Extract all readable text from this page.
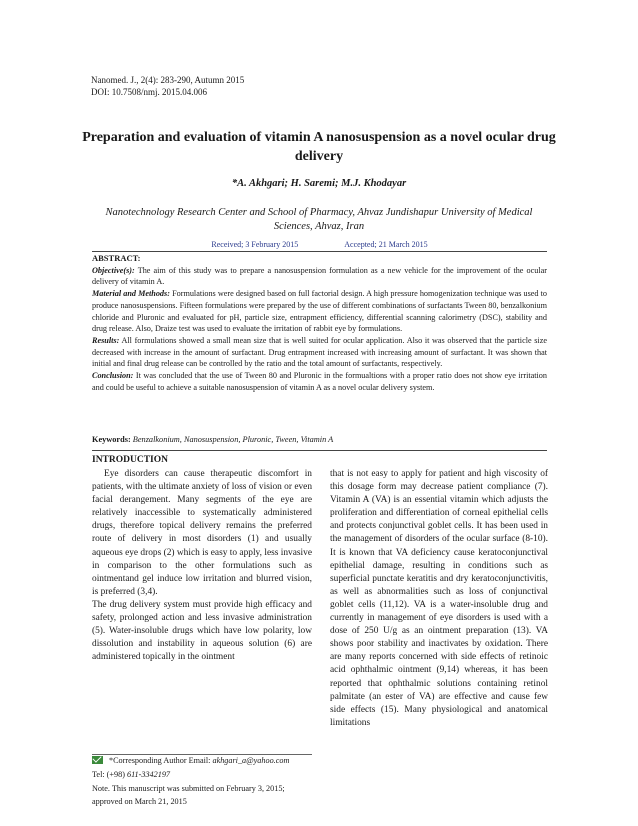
Nanomed. J., 2(4): 283-290, Autumn 2015
DOI: 10.7508/nmj. 2015.04.006
Preparation and evaluation of vitamin A nanosuspension as a novel ocular drug delivery
*A. Akhgari; H. Saremi; M.J. Khodayar
Nanotechnology Research Center and School of Pharmacy, Ahvaz Jundishapur University of Medical Sciences, Ahvaz, Iran
Received; 3 February 2015	Accepted; 21 March 2015

ABSTRACT:

Objective(s): The aim of this study was to prepare a nanosuspension formulation as a new vehicle for the improvement of the ocular delivery of vitamin A.

Material and Methods: Formulations were designed based on full factorial design. A high pressure homogenization technique was used to produce nanosuspensions. Fifteen formulations were prepared by the use of different combinations of surfactants Tween 80, benzalkonium chloride and Pluronic and evaluated for pH, particle size, entrapment efficiency, differential scanning calorimetry (DSC), stability and drug release. Also, Draize test was used to evaluate the irritation of rabbit eye by formulations.

Results: All formulations showed a small mean size that is well suited for ocular application. Also it was observed that the particle size decreased with increase in the amount of surfactant. Drug entrapment increased with increasing amount of surfactant. It was shown that initial and final drug release can be controlled by the ratio and the total amount of surfactants, respectively.

Conclusion: It was concluded that the use of Tween 80 and Pluronic in the formualtions with a proper ratio does not show eye irritation and could be useful to achieve a suitable nanosuspension of vitamin A as a novel ocular delivery system.

Keywords: Benzalkonium, Nanosuspension, Pluronic, Tween, Vitamin A
INTRODUCTION

Eye disorders can cause therapeutic discomfort in patients, with the ultimate anxiety of loss of vision or even facial derangement. Many segments of the eye are relatively inaccessible to systematically administered drugs, therefore topical delivery remains the preferred route of delivery in most disorders (1) and usually aqueous eye drops (2) which is easy to apply, less invasive in comparison to the other formulations such as ointmentand gel induce low irritation and blurred vision, is preferred (3,4).

The drug delivery system must provide high efficacy and safety, prolonged action and less invasive administration (5). Water-insoluble drugs which have low polarity, low dissolution and instability in aqueous solution (6) are administered topically in the ointment

that is not easy to apply for patient and high viscosity of this dosage form may decrease patient compliance (7). Vitamin A (VA) is an essential vitamin which adjusts the proliferation and differentiation of corneal epithelial cells and protects conjunctival goblet cells. It has been used in the management of disorders of the ocular surface (8-10). It is known that VA deficiency cause keratoconjunctival epithelial damage, resulting in conditions such as superficial punctate keratitis and dry keratoconjunctivitis, as well as abnormalities such as loss of conjunctival goblet cells (11,12). VA is a water-insoluble drug and currently in management of eye disorders is used with a dose of 250 U/g as an ointment preparation (13). VA shows poor stability and inactivates by oxidation. There are many reports concerned with side effects of retinoic acid ophthalmic ointment (9,14) whereas, it has been reported that ophthalmic solutions containing retinol palmitate (an ester of VA) are effective and cause few side effects (15). Many physiological and anatomical limitations

*Corresponding Author Email: akhgari_a@yahoo.com
Tel: (+98) 611-3342197
Note. This manuscript was submitted on February 3, 2015; approved on March 21, 2015
